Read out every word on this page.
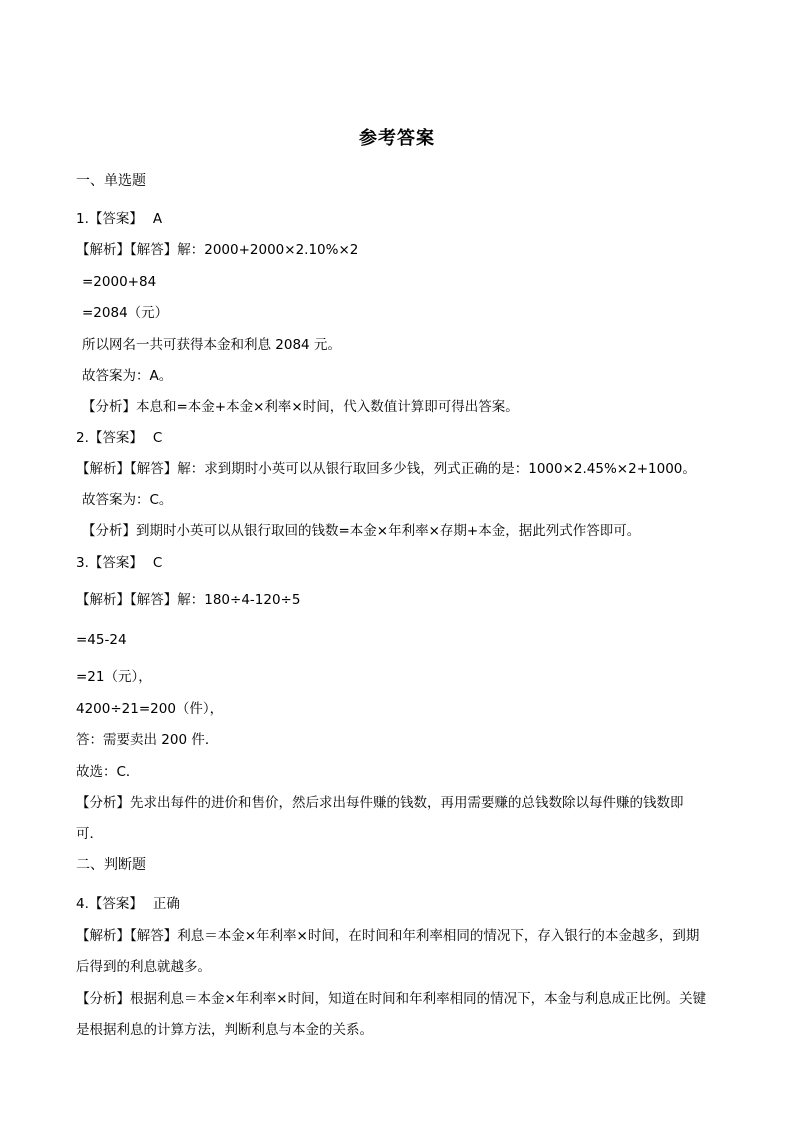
参考答案
一、单选题
1.【答案】 A
【解析】【解答】解：2000+2000×2.10%×2
=2000+84
=2084（元）
所以网名一共可获得本金和利息 2084 元。
故答案为：A。
【分析】本息和=本金+本金×利率×时间，代入数值计算即可得出答案。
2.【答案】 C
【解析】【解答】解：求到期时小英可以从银行取回多少钱，列式正确的是：1000×2.45%×2+1000。
故答案为：C。
【分析】到期时小英可以从银行取回的钱数=本金×年利率×存期+本金，据此列式作答即可。
3.【答案】 C
【解析】【解答】解：180÷4-120÷5
=45-24
=21（元），
4200÷21=200（件），
答：需要卖出 200 件．
故选：C．
【分析】先求出每件的进价和售价，然后求出每件赚的钱数，再用需要赚的总钱数除以每件赚的钱数即
可．
二、判断题
4.【答案】 正确
【解析】【解答】利息＝本金×年利率×时间，在时间和年利率相同的情况下，存入银行的本金越多，到期
后得到的利息就越多。
【分析】根据利息＝本金×年利率×时间，知道在时间和年利率相同的情况下，本金与利息成正比例。关键
是根据利息的计算方法，判断利息与本金的关系。
